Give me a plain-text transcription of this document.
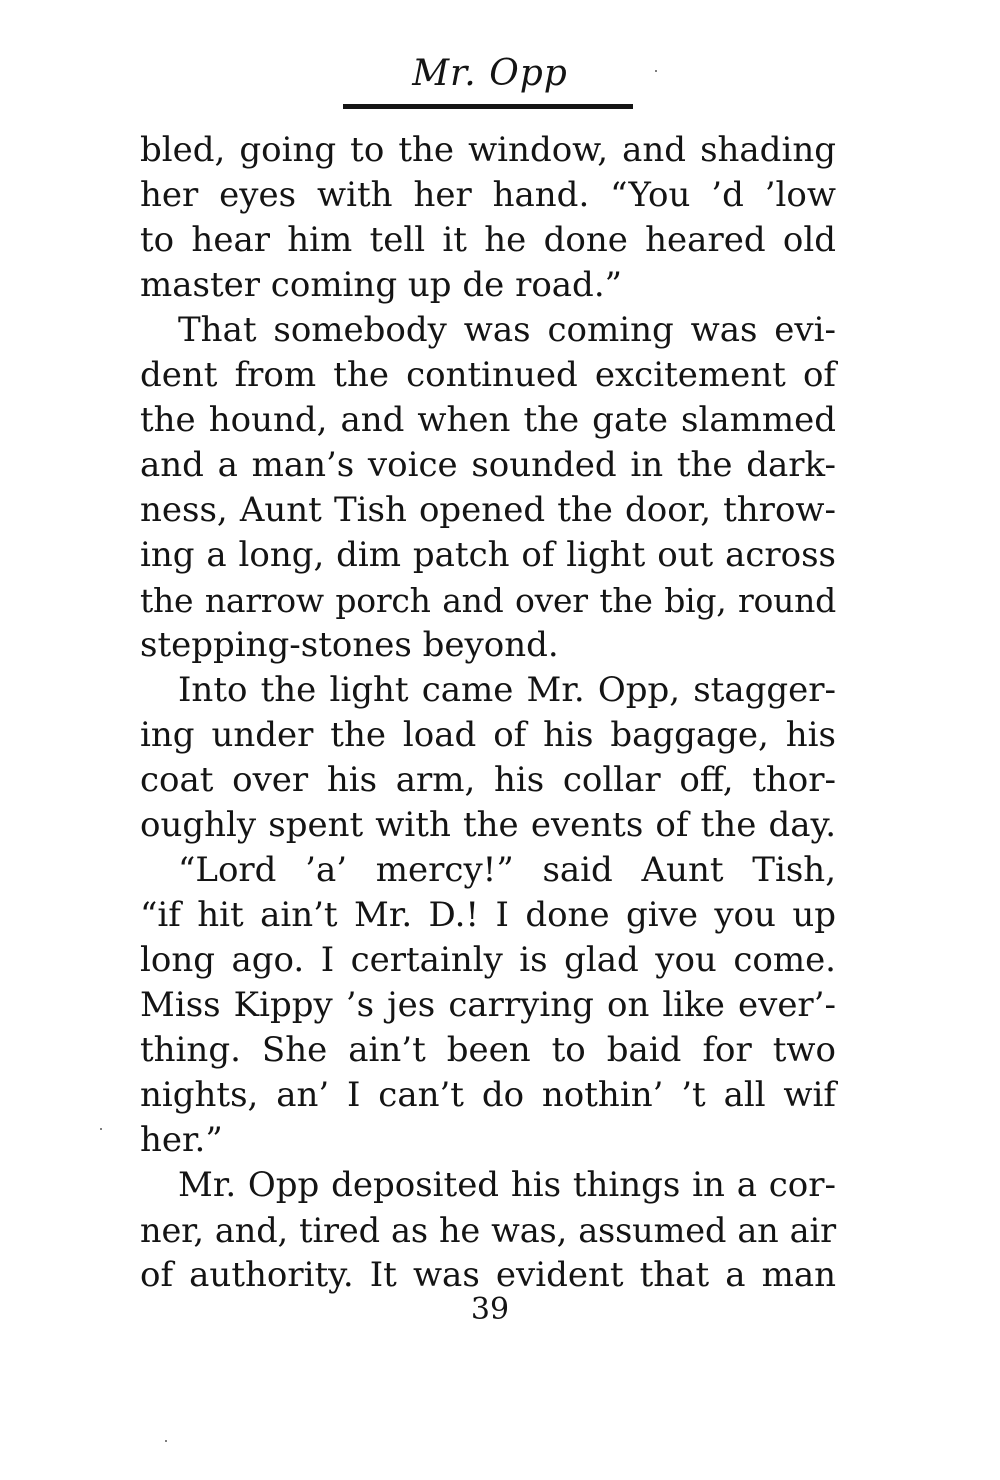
Mr. Opp
bled, going to the window, and shading
her eyes with her hand. “You ’d ’low
to hear him tell it he done heared old
master coming up de road.”
That somebody was coming was evi-
dent from the continued excitement of
the hound, and when the gate slammed
and a man’s voice sounded in the dark-
ness, Aunt Tish opened the door, throw-
ing a long, dim patch of light out across
the narrow porch and over the big, round
stepping-stones beyond.
Into the light came Mr. Opp, stagger-
ing under the load of his baggage, his
coat over his arm, his collar off, thor-
oughly spent with the events of the day.
“Lord ’a’ mercy!” said Aunt Tish,
“if hit ain’t Mr. D.! I done give you up
long ago. I certainly is glad you come.
Miss Kippy ’s jes carrying on like ever’-
thing. She ain’t been to baid for two
nights, an’ I can’t do nothin’ ’t all wif
her.”
Mr. Opp deposited his things in a cor-
ner, and, tired as he was, assumed an air
of authority. It was evident that a man
39
